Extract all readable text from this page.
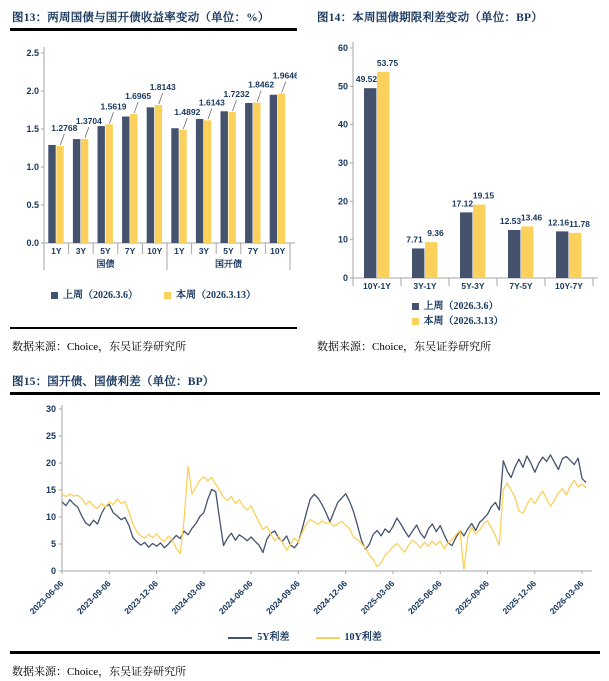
图13：两周国债与国开债收益率变动（单位：%）
0.0
0.5
1.0
1.5
2.0
2.5
1Y 3Y 5Y 7Y 10Y 1Y 3Y 5Y 7Y 10Y
1.2768
1.3704
1.5619
1.6965
1.8143
1.4892
1.6143
1.7232
1.8462
1.9646
国债	国开债
上周（2026.3.6）	本周（2026.3.13）
数据来源：Choice，东吴证券研究所
图14：本周国债期限利差变动（单位：BP）
0
10
20
30
40
50
60
10Y-1Y	3Y-1Y	5Y-3Y	7Y-5Y	10Y-7Y
49.52
7.71
17.12
12.53	12.16
53.75
9.36
19.15
13.46
11.78
上周（2026.3.6）
本周（2026.3.13）
数据来源：Choice，东吴证券研究所
图15：国开债、国债利差（单位：BP）
0
5
10
15
20
25
30
2023-06-06 2023-09-06 2023-12-06 2024-03-06 2024-06-06 2024-09-06 2024-12-06 2025-03-06 2025-06-06 2025-09-06 2025-12-06 2026-03-06
5Y利差	10Y利差
数据来源：Choice，东吴证券研究所
